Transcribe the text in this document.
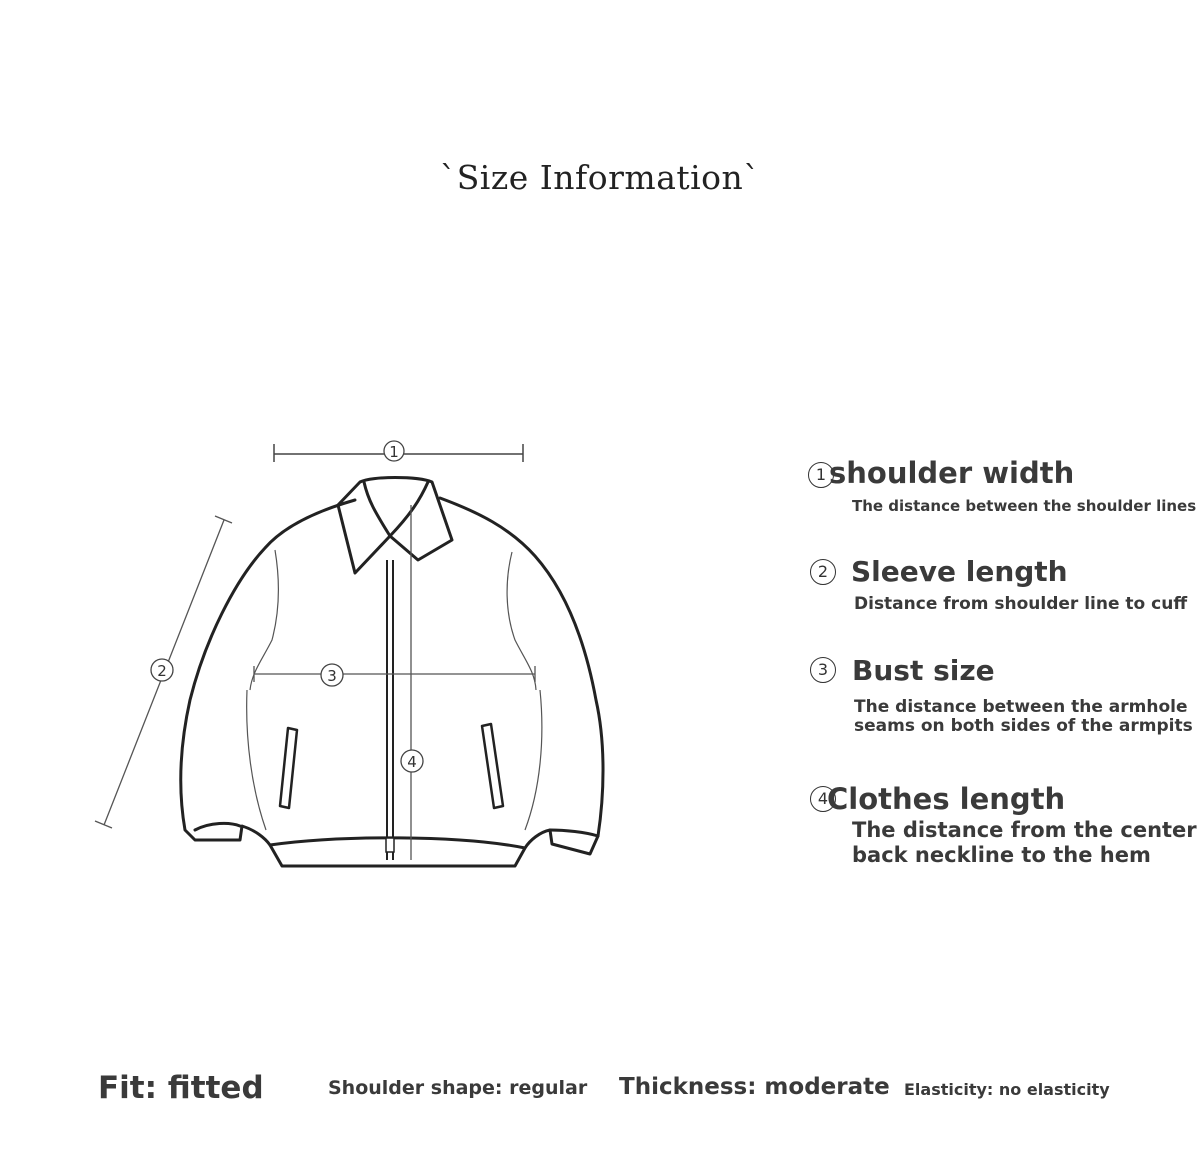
`Size Information`
1
2	3
4
1 shoulder width
The distance between the shoulder lines
2 Sleeve length
Distance from shoulder line to cuff
3 Bust size
The distance between the armhole
seams on both sides of the armpits
4
Clothes length
The distance from the center
back neckline to the hem
Fit: fitted	Shoulder shape: regular Thickness: moderate Elasticity: no elasticity
